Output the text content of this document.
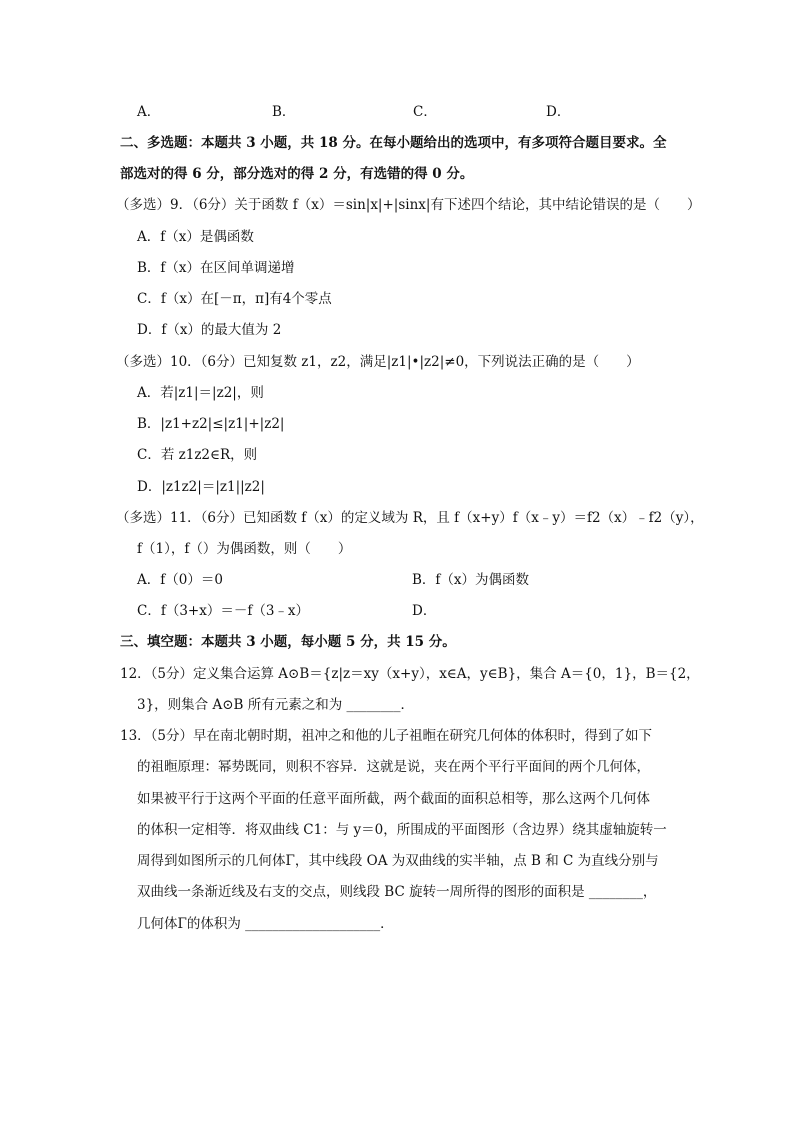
A．	B．	C．	D．
二、多选题：本题共 3 小题，共 18 分。在每小题给出的选项中，有多项符合题目要求。全
部选对的得 6 分，部分选对的得 2 分，有选错的得 0 分。
（多选）9．（6分）关于函数 f（x）＝sin|x|+|sinx|有下述四个结论，其中结论错误的是（　　）
A．f（x）是偶函数
B．f（x）在区间单调递增
C．f（x）在[－π，π]有4个零点
D．f（x）的最大值为 2
（多选）10．（6分）已知复数 z1，z2，满足|z1|•|z2|≠0，下列说法正确的是（　　）
A．若|z1|＝|z2|，则
B．|z1+z2|≤|z1|+|z2|
C．若 z1z2∈R，则
D．|z1z2|＝|z1||z2|
（多选）11．（6分）已知函数 f（x）的定义域为 R，且 f（x+y）f（x﹣y）＝f2（x）﹣f2（y），
f（1），f（）为偶函数，则（　　）
A．f（0）＝0	B．f（x）为偶函数
C．f（3+x）＝－f（3﹣x）	D．
三、填空题：本题共 3 小题，每小题 5 分，共 15 分。
12．（5分）定义集合运算 A⊙B＝{z|z＝xy（x+y），x∈A，y∈B}，集合 A＝{0，1}，B＝{2，
3}，则集合 A⊙B 所有元素之和为 ________．
13．（5分）早在南北朝时期，祖冲之和他的儿子祖暅在研究几何体的体积时，得到了如下
的祖暅原理：幂势既同，则积不容异．这就是说，夹在两个平行平面间的两个几何体，
如果被平行于这两个平面的任意平面所截，两个截面的面积总相等，那么这两个几何体
的体积一定相等．将双曲线 C1：与 y＝0，所围成的平面图形（含边界）绕其虚轴旋转一
周得到如图所示的几何体Γ，其中线段 OA 为双曲线的实半轴，点 B 和 C 为直线分别与
双曲线一条渐近线及右支的交点，则线段 BC 旋转一周所得的图形的面积是 ________，
几何体Γ的体积为 ____________________．
